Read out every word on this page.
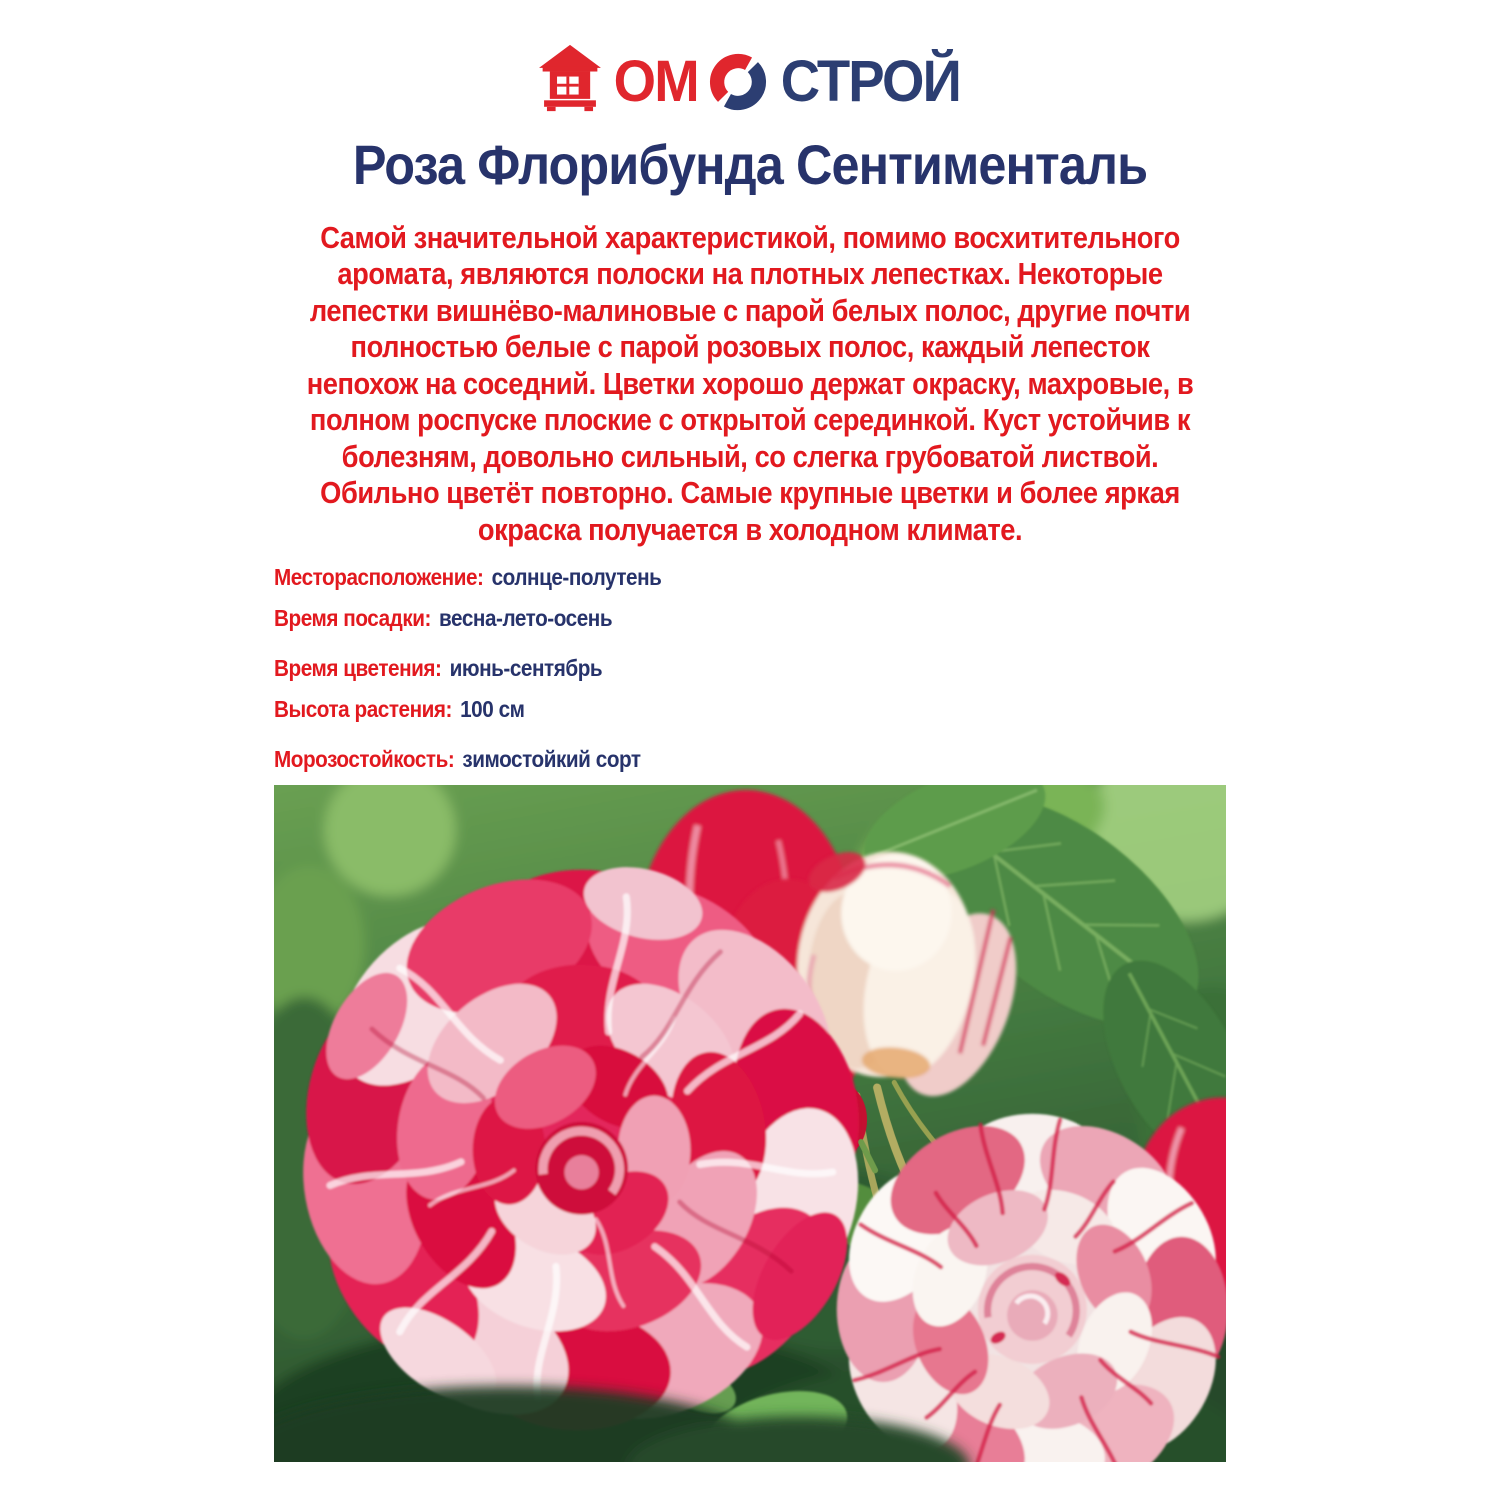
ОМ СТРОЙ
Роза Флорибунда Сентименталь
Самой значительной характеристикой, помимо восхитительного
аромата, являются полоски на плотных лепестках. Некоторые
лепестки вишнёво-малиновые с парой белых полос, другие почти
полностью белые с парой розовых полос, каждый лепесток
непохож на соседний. Цветки хорошо держат окраску, махровые, в
полном роспуске плоские с открытой серединкой. Куст устойчив к
болезням, довольно сильный, со слегка грубоватой листвой.
Обильно цветёт повторно. Самые крупные цветки и более яркая
окраска получается в холодном климате.
Месторасположение: солнце-полутень
Время посадки: весна-лето-осень
Время цветения: июнь-сентябрь
Высота растения: 100 см
Морозостойкость: зимостойкий сорт
